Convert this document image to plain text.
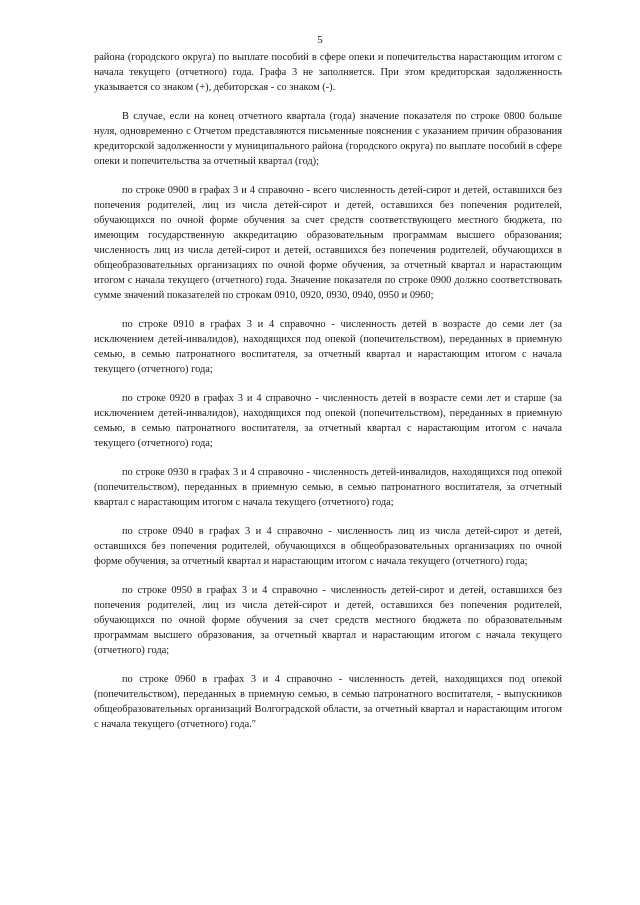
5

района (городского округа) по выплате пособий в сфере опеки и попечительства нарастающим итогом с начала текущего (отчетного) года. Графа 3 не заполняется. При этом кредиторская задолженность указывается со знаком (+), дебиторская - со знаком (-).

В случае, если на конец отчетного квартала (года) значение показателя по строке 0800 больше нуля, одновременно с Отчетом представляются письменные пояснения с указанием причин образования кредиторской задолженности у муниципального района (городского округа) по выплате пособий в сфере опеки и попечительства за отчетный квартал (год);

по строке 0900 в графах 3 и 4 справочно - всего численность детей-сирот и детей, оставшихся без попечения родителей, лиц из числа детей-сирот и детей, оставшихся без попечения родителей, обучающихся по очной форме обучения за счет средств соответствующего местного бюджета, по имеющим государственную аккредитацию образовательным программам высшего образования; численность лиц из числа детей-сирот и детей, оставшихся без попечения родителей, обучающихся в общеобразовательных организациях по очной форме обучения, за отчетный квартал и нарастающим итогом с начала текущего (отчетного) года. Значение показателя по строке 0900 должно соответствовать сумме значений показателей по строкам 0910, 0920, 0930, 0940, 0950 и 0960;

по строке 0910 в графах 3 и 4 справочно - численность детей в возрасте до семи лет (за исключением детей-инвалидов), находящихся под опекой (попечительством), переданных в приемную семью, в семью патронатного воспитателя, за отчетный квартал и нарастающим итогом с начала текущего (отчетного) года;

по строке 0920 в графах 3 и 4 справочно - численность детей в возрасте семи лет и старше (за исключением детей-инвалидов), находящихся под опекой (попечительством), переданных в приемную семью, в семью патронатного воспитателя, за отчетный квартал с нарастающим итогом с начала текущего (отчетного) года;

по строке 0930 в графах 3 и 4 справочно - численность детей-инвалидов, находящихся под опекой (попечительством), переданных в приемную семью, в семью патронатного воспитателя, за отчетный квартал с нарастающим итогом с начала текущего (отчетного) года;

по строке 0940 в графах 3 и 4 справочно - численность лиц из числа детей-сирот и детей, оставшихся без попечения родителей, обучающихся в общеобразовательных организациях по очной форме обучения, за отчетный квартал и нарастающим итогом с начала текущего (отчетного) года;

по строке 0950 в графах 3 и 4 справочно - численность детей-сирот и детей, оставшихся без попечения родителей, лиц из числа детей-сирот и детей, оставшихся без попечения родителей, обучающихся по очной форме обучения за счет средств местного бюджета по образовательным программам высшего образования, за отчетный квартал и нарастающим итогом с начала текущего (отчетного) года;

по строке 0960 в графах 3 и 4 справочно - численность детей, находящихся под опекой (попечительством), переданных в приемную семью, в семью патронатного воспитателя, - выпускников общеобразовательных организаций Волгоградской области, за отчетный квартал и нарастающим итогом с начала текущего (отчетного) года."
